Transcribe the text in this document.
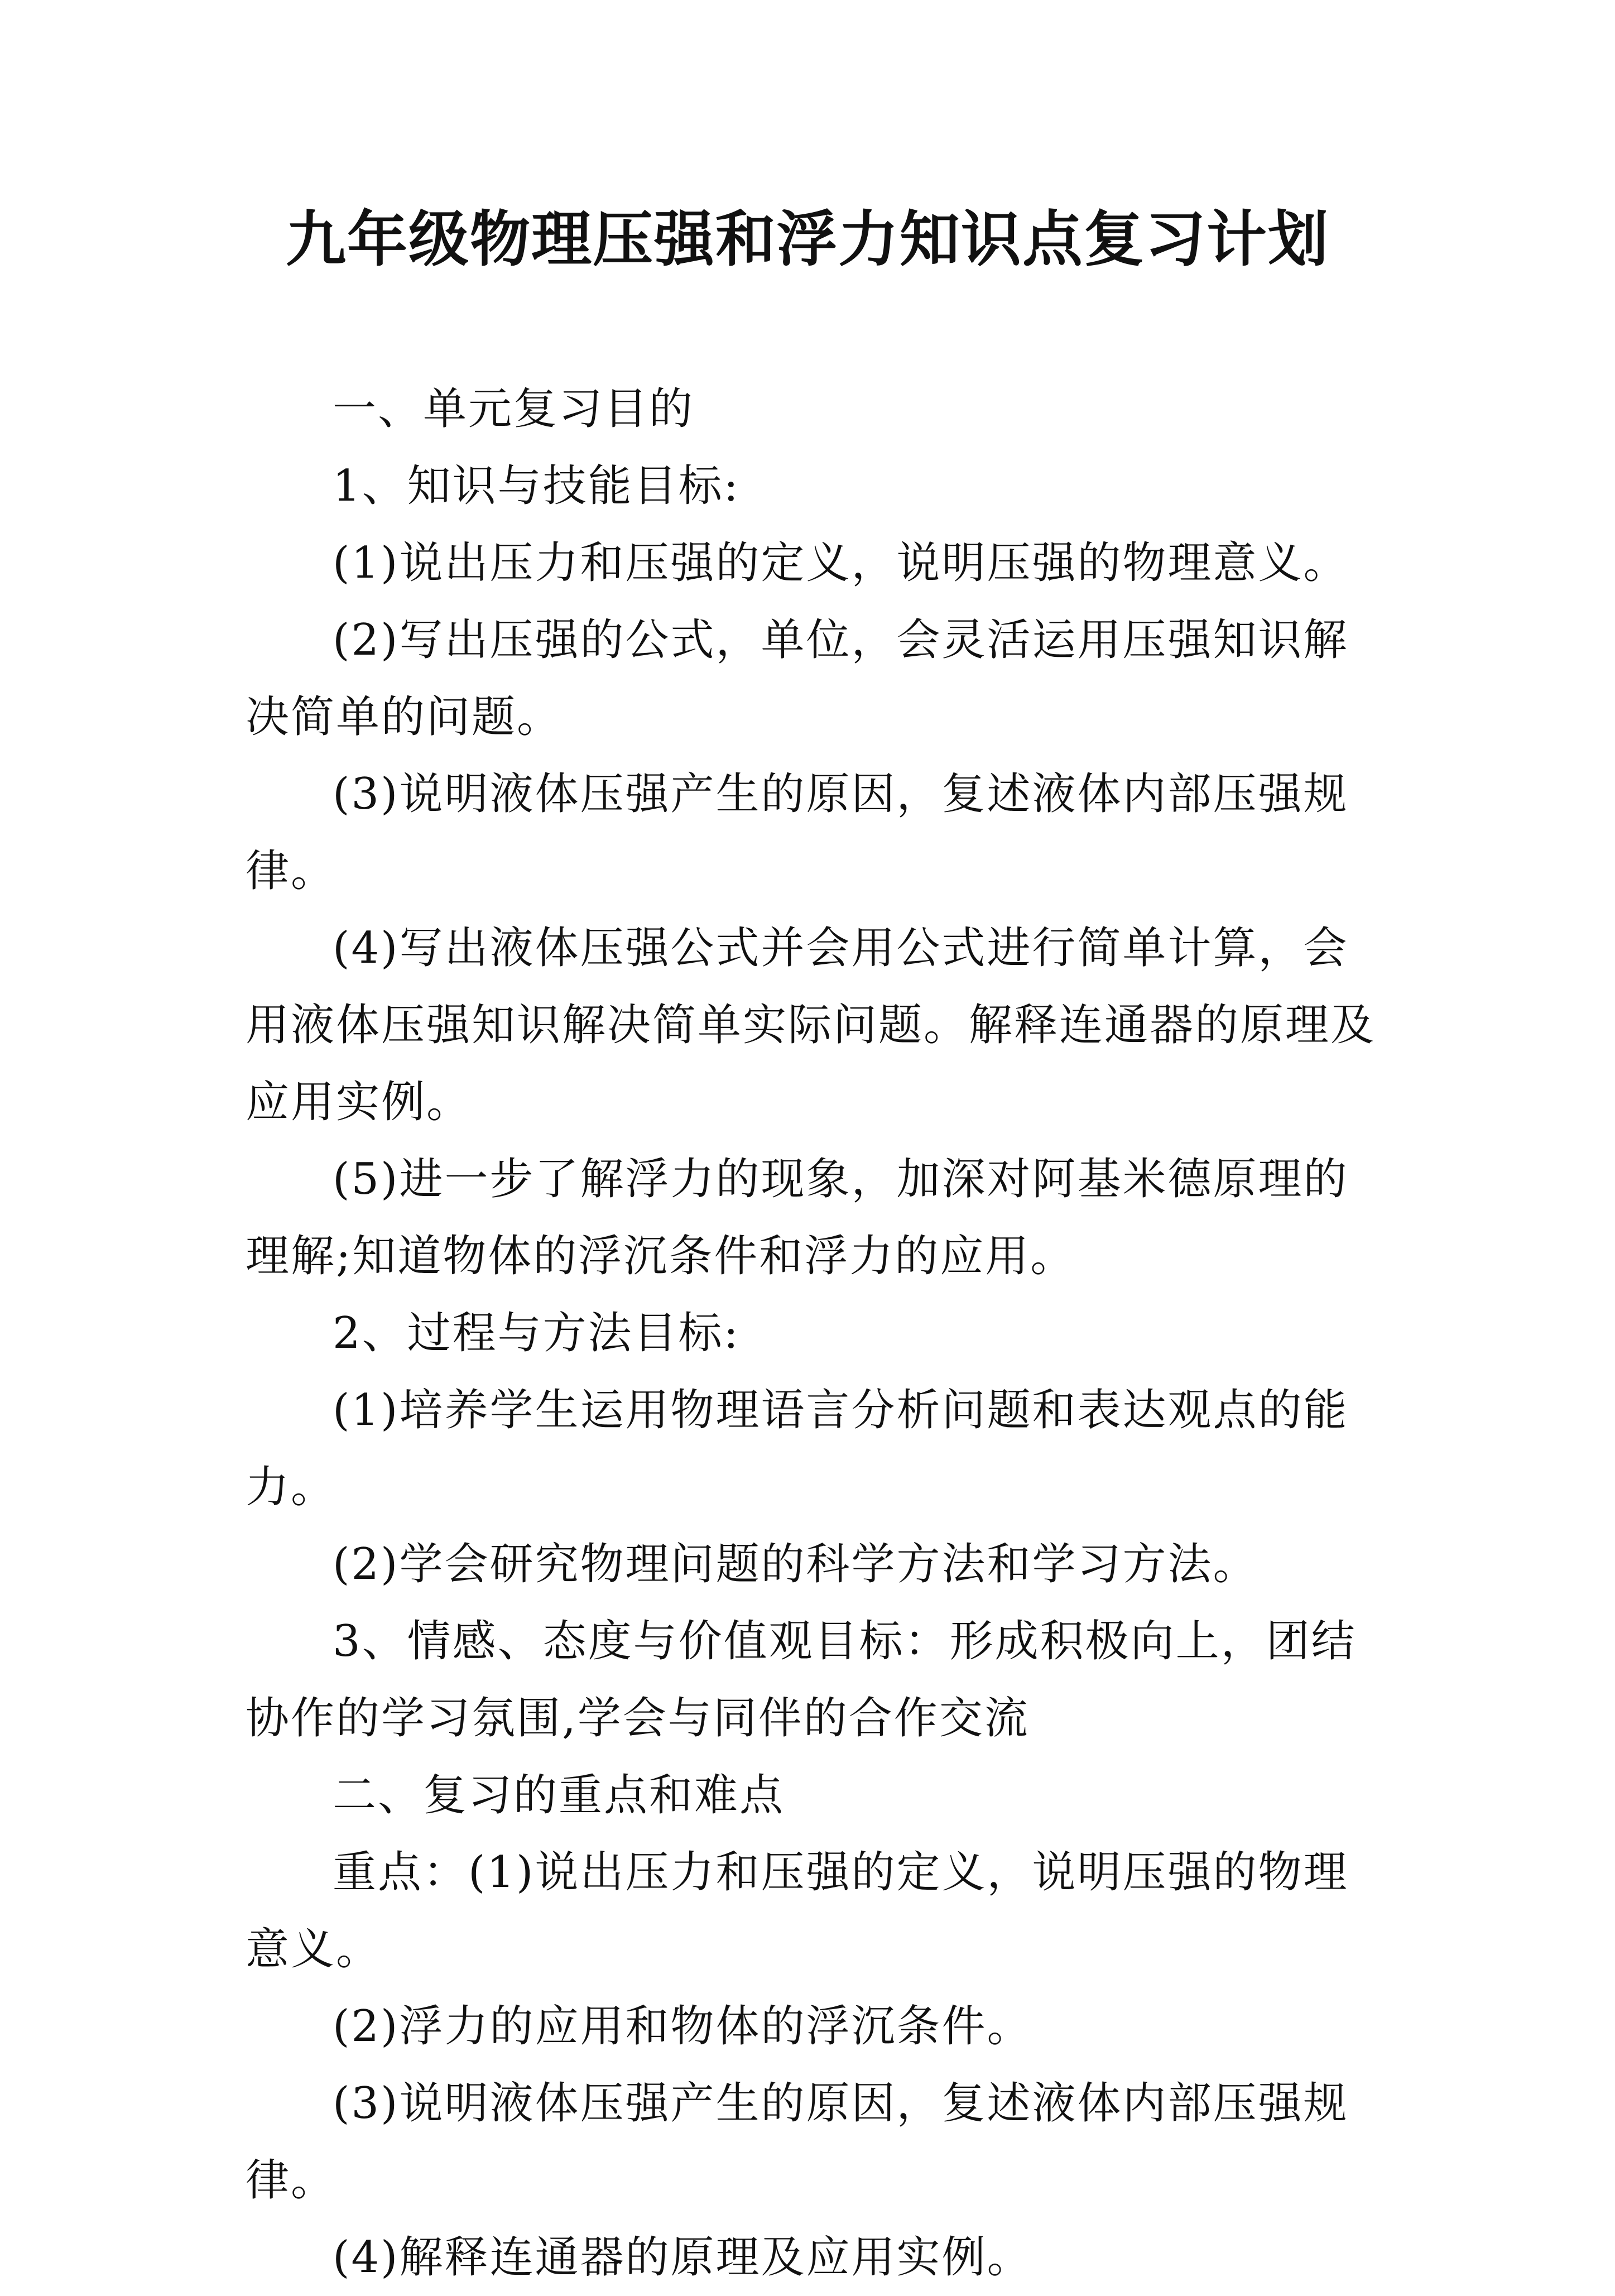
九年级物理压强和浮力知识点复习计划

一、单元复习目的

1、知识与技能目标:

(1)说出压力和压强的定义，说明压强的物理意义。

(2)写出压强的公式，单位，会灵活运用压强知识解决简单的问题。

(3)说明液体压强产生的原因，复述液体内部压强规律。

(4)写出液体压强公式并会用公式进行简单计算，会用液体压强知识解决简单实际问题。解释连通器的原理及应用实例。

(5)进一步了解浮力的现象，加深对阿基米德原理的理解;知道物体的浮沉条件和浮力的应用。

2、过程与方法目标:

(1)培养学生运用物理语言分析问题和表达观点的能力。

(2)学会研究物理问题的科学方法和学习方法。

3、情感、态度与价值观目标：形成积极向上，团结协作的学习氛围,学会与同伴的合作交流

二、复习的重点和难点

重点：(1)说出压力和压强的定义，说明压强的物理意义。

(2)浮力的应用和物体的浮沉条件。

(3)说明液体压强产生的原因，复述液体内部压强规律。

(4)解释连通器的原理及应用实例。
